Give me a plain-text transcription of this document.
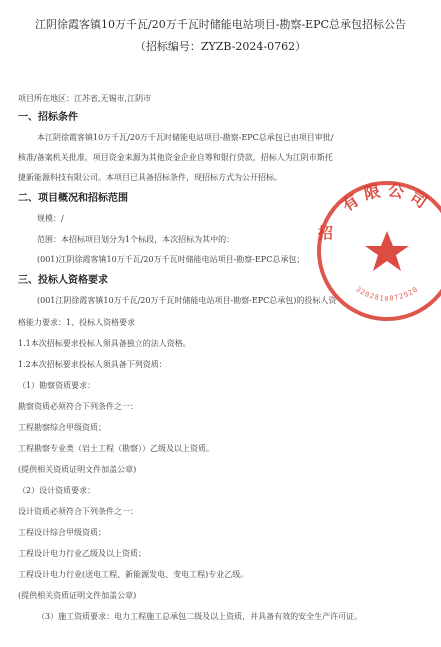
江阴徐霞客镇10万千瓦/20万千瓦时储能电站项目-勘察-EPC总承包招标公告
（招标编号：ZYZB-2024-0762）
项目所在地区：江苏省,无锡市,江阴市
一、招标条件
本江阴徐霞客镇10万千瓦/20万千瓦时储能电站项目-勘察-EPC总承包已由项目审批/
核准/备案机关批准，项目资金来源为其他资金企业自筹和银行贷款，招标人为江阴市斯托
捷新能源科技有限公司。本项目已具备招标条件，现招标方式为公开招标。
二、项目概况和招标范围
规模：/
范围：本招标项目划分为1个标段，本次招标为其中的：
(001)江阴徐霞客镇10万千瓦/20万千瓦时储能电站项目-勘察-EPC总承包；
三、投标人资格要求
(001江阴徐霞客镇10万千瓦/20万千瓦时储能电站项目-勘察-EPC总承包)的投标人资
格能力要求：1、投标人资格要求
1.1本次招标要求投标人须具备独立的法人资格。
1.2本次招标要求投标人须具备下列资质：
（1）勘察资质要求：
勘察资质必须符合下列条件之一：
工程勘察综合甲级资质；
工程勘察专业类（岩土工程（勘察））乙级及以上资质。
(提供相关资质证明文件加盖公章)
（2）设计资质要求：
设计资质必须符合下列条件之一：
工程设计综合甲级资质；
工程设计电力行业乙级及以上资质；
工程设计电力行业(送电工程、新能源发电、变电工程)专业乙级。
(提供相关资质证明文件加盖公章)
（3）施工资质要求：电力工程施工总承包二级及以上资质，并具备有效的安全生产许可证。
有限公司
招
3202810072920
